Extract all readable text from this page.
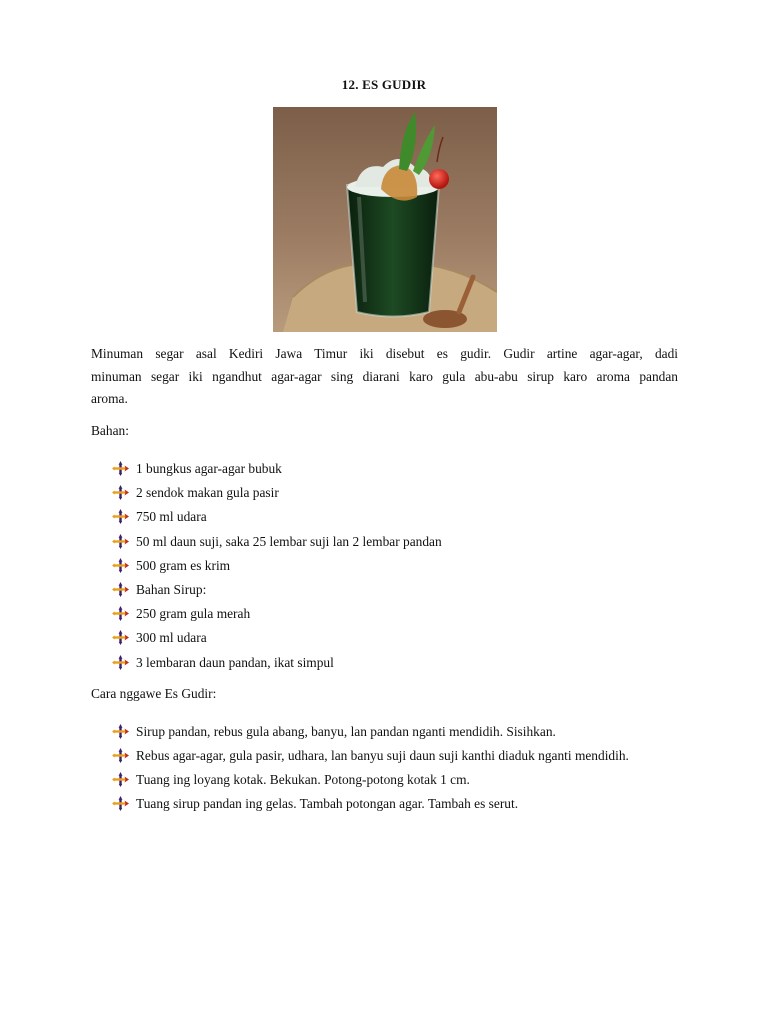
12. ES GUDIR
Minuman segar asal Kediri Jawa Timur iki disebut es gudir. Gudir artine agar-agar, dadi
minuman segar iki ngandhut agar-agar sing diarani karo gula abu-abu sirup karo aroma pandan
aroma.
Bahan:
1 bungkus agar-agar bubuk
2 sendok makan gula pasir
750 ml udara
50 ml daun suji, saka 25 lembar suji lan 2 lembar pandan
500 gram es krim
Bahan Sirup:
250 gram gula merah
300 ml udara
3 lembaran daun pandan, ikat simpul
Cara nggawe Es Gudir:
Sirup pandan, rebus gula abang, banyu, lan pandan nganti mendidih. Sisihkan.
Rebus agar-agar, gula pasir, udhara, lan banyu suji daun suji kanthi diaduk nganti mendidih.
Tuang ing loyang kotak. Bekukan. Potong-potong kotak 1 cm.
Tuang sirup pandan ing gelas. Tambah potongan agar. Tambah es serut.
